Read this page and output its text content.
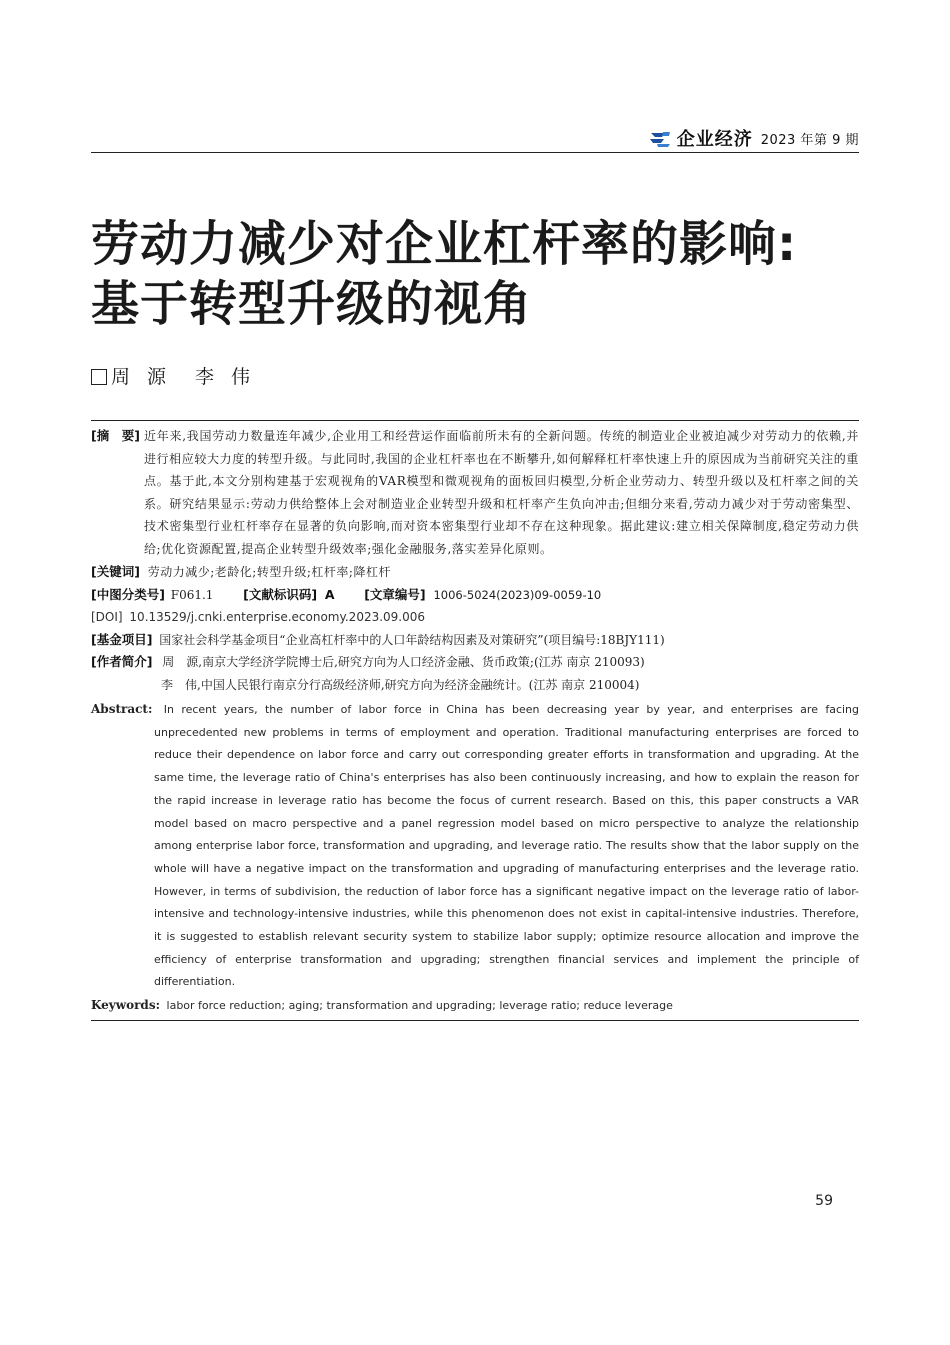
企业经济 2023 年第 9 期
劳动力减少对企业杠杆率的影响:
基于转型升级的视角
周源 李伟
[摘　要] 近年来,我国劳动力数量连年减少,企业用工和经营运作面临前所未有的全新问题。传统的制造业企业被迫减少对劳动力的依赖,并进行相应较大力度的转型升级。与此同时,我国的企业杠杆率也在不断攀升,如何解释杠杆率快速上升的原因成为当前研究关注的重点。基于此,本文分别构建基于宏观视角的VAR模型和微观视角的面板回归模型,分析企业劳动力、转型升级以及杠杆率之间的关系。研究结果显示:劳动力供给整体上会对制造业企业转型升级和杠杆率产生负向冲击;但细分来看,劳动力减少对于劳动密集型、技术密集型行业杠杆率存在显著的负向影响,而对资本密集型行业却不存在这种现象。据此建议:建立相关保障制度,稳定劳动力供给;优化资源配置,提高企业转型升级效率;强化金融服务,落实差异化原则。
[关键词] 劳动力减少;老龄化;转型升级;杠杆率;降杠杆
[中图分类号] F061.1 [文献标识码] A [文章编号] 1006-5024(2023)09-0059-10
[DOI] 10.13529/j.cnki.enterprise.economy.2023.09.006
[基金项目] 国家社会科学基金项目“企业高杠杆率中的人口年龄结构因素及对策研究”(项目编号:18BJY111)
[作者简介] 周　源,南京大学经济学院博士后,研究方向为人口经济金融、货币政策;(江苏 南京 210093)
李　伟,中国人民银行南京分行高级经济师,研究方向为经济金融统计。(江苏 南京 210004)
Abstract: In recent years, the number of labor force in China has been decreasing year by year, and enterprises are facing unprecedented new problems in terms of employment and operation. Traditional manufacturing enterprises are forced to reduce their dependence on labor force and carry out corresponding greater efforts in transformation and upgrading. At the same time, the leverage ratio of China's enterprises has also been continuously increasing, and how to explain the reason for the rapid increase in leverage ratio has become the focus of current research. Based on this, this paper constructs a VAR model based on macro perspective and a panel regression model based on micro perspective to analyze the relationship among enterprise labor force, transformation and upgrading, and leverage ratio. The results show that the labor supply on the whole will have a negative impact on the transformation and upgrading of manufacturing enterprises and the leverage ratio. However, in terms of subdivision, the reduction of labor force has a significant negative impact on the leverage ratio of labor-intensive and technology-intensive industries, while this phenomenon does not exist in capital-intensive industries. Therefore, it is suggested to establish relevant security system to stabilize labor supply; optimize resource allocation and improve the efficiency of enterprise transformation and upgrading; strengthen financial services and implement the principle of differentiation.
Keywords: labor force reduction; aging; transformation and upgrading; leverage ratio; reduce leverage
59
